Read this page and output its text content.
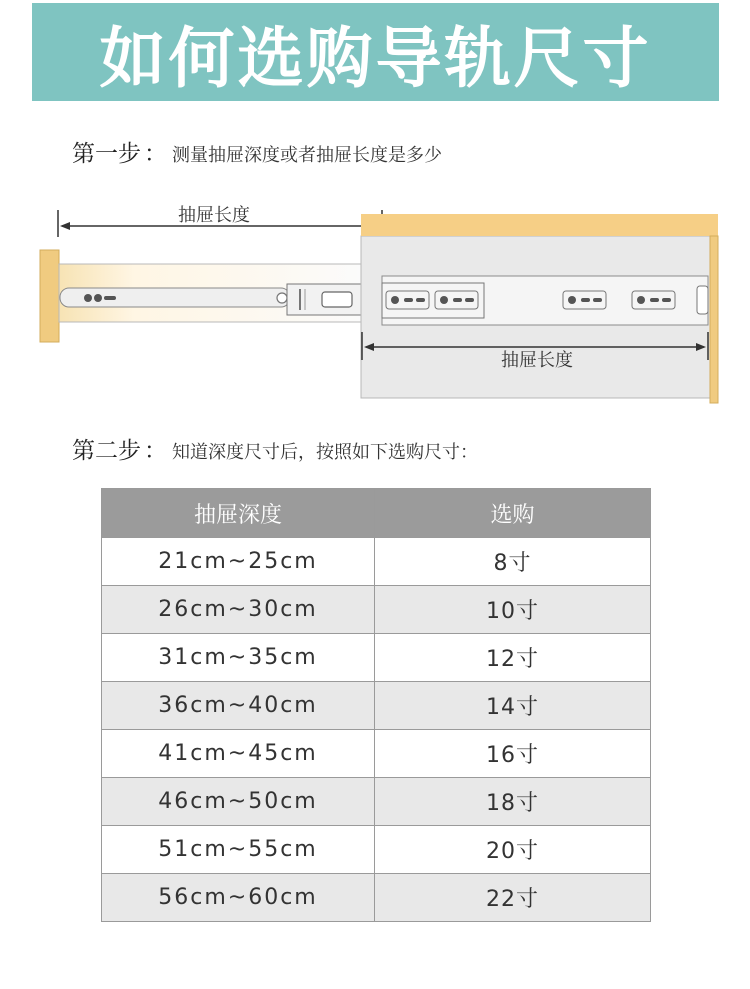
如何选购导轨尺寸
第一步 ： 测量抽屉深度或者抽屉长度是多少
抽屉长度
抽屉长度
第二步 ： 知道深度尺寸后，按照如下选购尺寸：
抽屉深度	选购
21cm~25cm	8寸
26cm~30cm	10寸
31cm~35cm	12寸
36cm~40cm	14寸
41cm~45cm	16寸
46cm~50cm	18寸
51cm~55cm	20寸
56cm~60cm	22寸
